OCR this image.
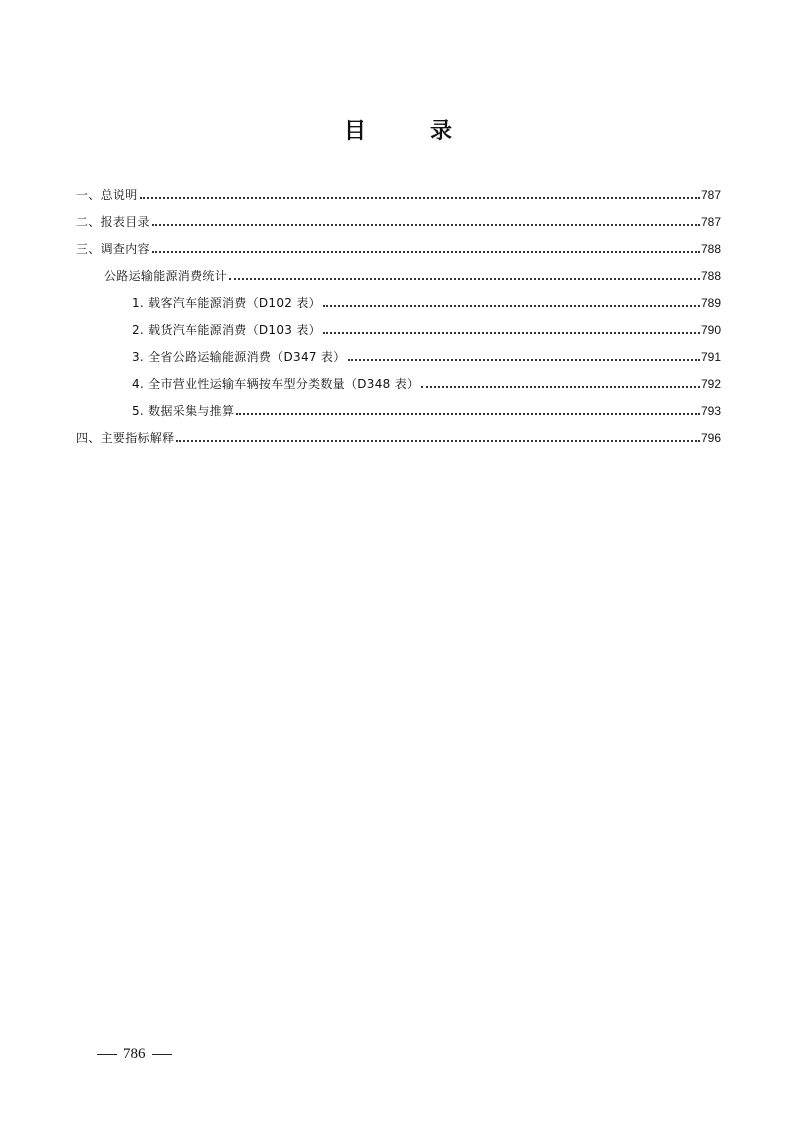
目	录
一、总说明	787
二、报表目录	787
三、调查内容	788
公路运输能源消费统计	788
1. 载客汽车能源消费（D102 表）	789
2. 载货汽车能源消费（D103 表）	790
3. 全省公路运输能源消费（D347 表）	791
4. 全市营业性运输车辆按车型分类数量（D348 表）	792
5. 数据采集与推算	793
四、主要指标解释	796
786
